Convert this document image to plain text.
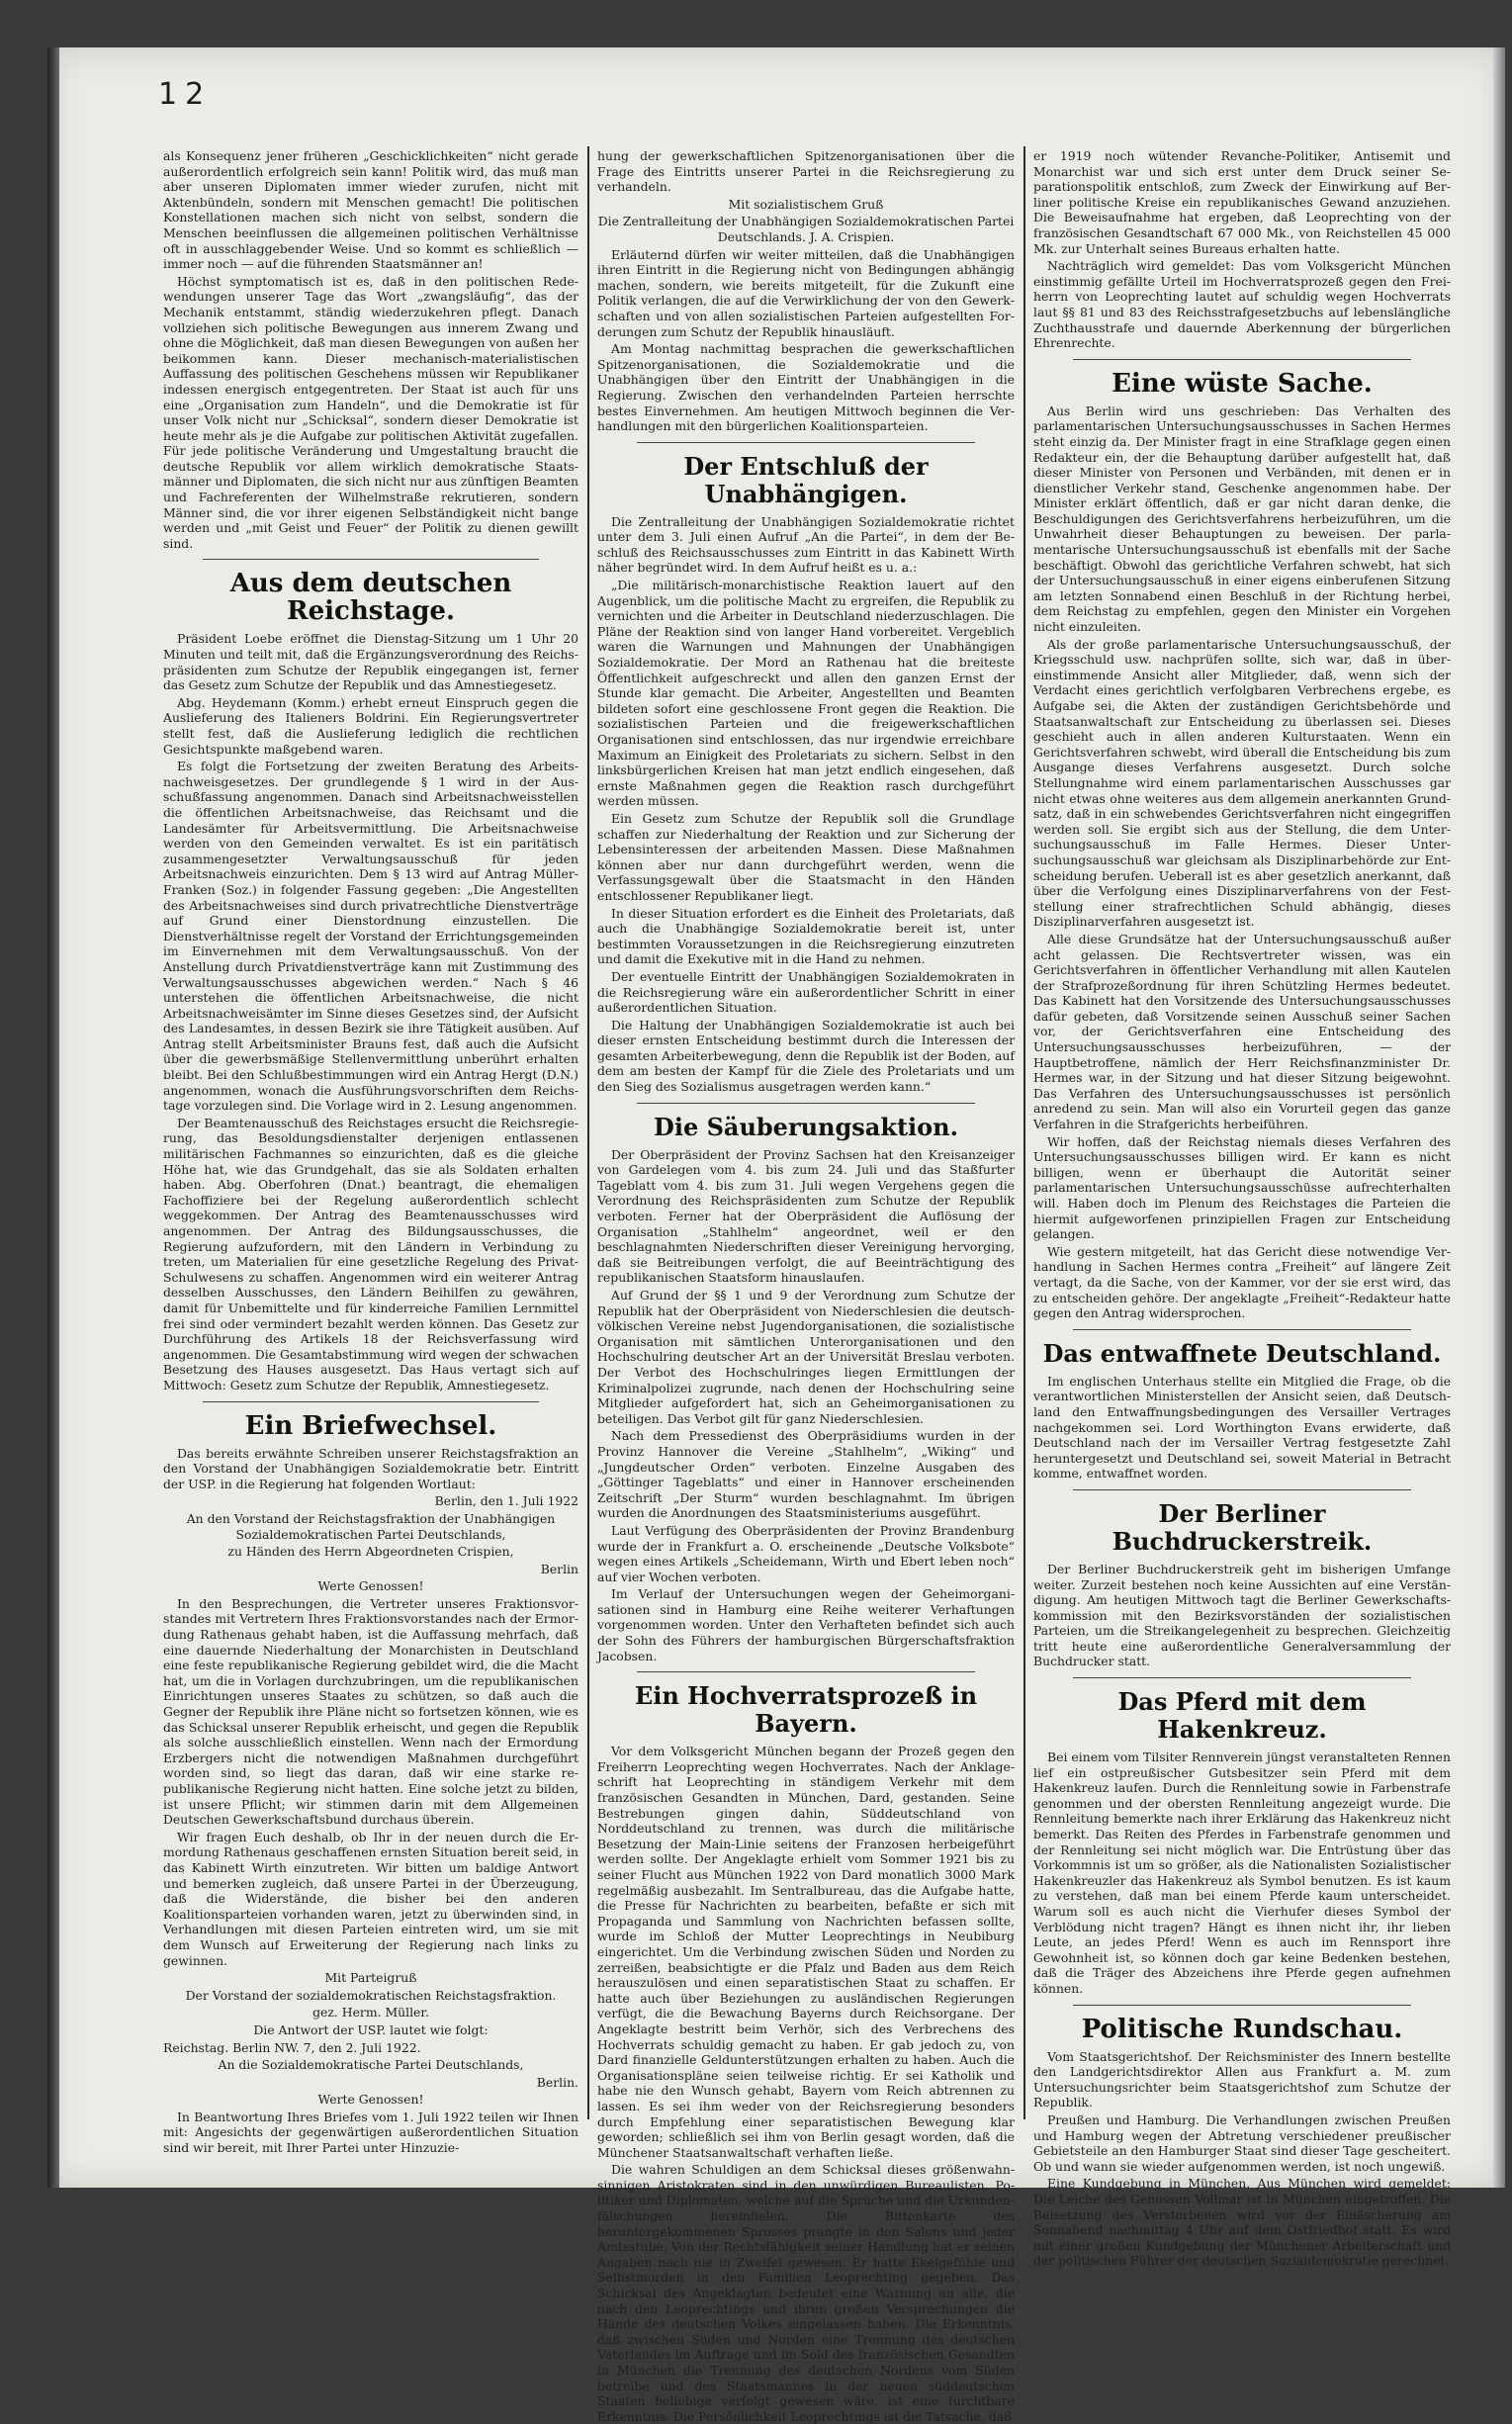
12

als Konsequenz jener früheren „Geschicklichkeiten“ nicht gerade außerordentlich erfolgreich sein kann! Politik wird, das muß man aber unseren Diplomaten immer wieder zurufen, nicht mit Aktenbündeln, sondern mit Menschen gemacht! Die politischen Konstellationen machen sich nicht von selbst, sondern die Menschen beeinflussen die allgemeinen politischen Verhältnisse oft in ausschlaggebender Weise. Und so kommt es schließlich — immer noch — auf die führenden Staatsmänner an!

Höchst symptomatisch ist es, daß in den politischen Redewendungen unserer Tage das Wort „zwangsläufig“, das der Mechanik entstammt, ständig wiederzukehren pflegt. Danach vollziehen sich politische Bewegungen aus innerem Zwang und ohne die Möglichkeit, daß man diesen Bewegungen von außen her beikommen kann. Dieser mechanisch-materialistischen Auffassung des politischen Geschehens müssen wir Republikaner indessen energisch entgegentreten. Der Staat ist auch für uns eine „Organisation zum Handeln“, und die Demokratie ist für unser Volk nicht nur „Schicksal“, sondern dieser Demokratie ist heute mehr als je die Aufgabe zur politischen Aktivität zugefallen. Für jede politische Veränderung und Umgestaltung braucht die deutsche Republik vor allem wirklich demokratische Staatsmänner und Diplomaten, die sich nicht nur aus zünftigen Beamten und Fachreferenten der Wilhelmstraße rekrutieren, sondern Männer sind, die vor ihrer eigenen Selbständigkeit nicht bange werden und „mit Geist und Feuer“ der Politik zu dienen gewillt sind.

Aus dem deutschen Reichstage.

Präsident Loebe eröffnet die Dienstag-Sitzung um 1 Uhr 20 Minuten und teilt mit, daß die Ergänzungsverordnung des Reichspräsidenten zum Schutze der Republik eingegangen ist, ferner das Gesetz zum Schutze der Republik und das Amnestiegesetz.

Abg. Heydemann (Komm.) erhebt erneut Einspruch gegen die Auslieferung des Italieners Boldrini. Ein Regierungsvertreter stellt fest, daß die Auslieferung lediglich die rechtlichen Gesichtspunkte maßgebend waren.

Es folgt die Fortsetzung der zweiten Beratung des Arbeitsnachweisgesetzes. Der grundlegende § 1 wird in der Ausschußfassung angenommen. Danach sind Arbeitsnachweisstellen die öffentlichen Arbeitsnachweise, das Reichsamt und die Landesämter für Arbeitsvermittlung. Die Arbeitsnachweise werden von den Gemeinden verwaltet. Es ist ein paritätisch zusammengesetzter Verwaltungsausschuß für jeden Arbeitsnachweis einzurichten. Dem § 13 wird auf Antrag Müller-Franken (Soz.) in folgender Fassung gegeben: „Die Angestellten des Arbeitsnachweises sind durch privatrechtliche Dienstverträge auf Grund einer Dienstordnung einzustellen. Die Dienstverhältnisse regelt der Vorstand der Errichtungsgemeinden im Einvernehmen mit dem Verwaltungsausschuß. Von der Anstellung durch Privatdienstverträge kann mit Zustimmung des Verwaltungsausschusses abgewichen werden.“ Nach § 46 unterstehen die öffentlichen Arbeitsnachweise, die nicht Arbeitsnachweisämter im Sinne dieses Gesetzes sind, der Aufsicht des Landesamtes, in dessen Bezirk sie ihre Tätigkeit ausüben. Auf Antrag stellt Arbeitsminister Brauns fest, daß auch die Aufsicht über die gewerbsmäßige Stellenvermittlung unberührt erhalten bleibt. Bei den Schlußbestimmungen wird ein Antrag Hergt (D.N.) angenommen, wonach die Ausführungsvorschriften dem Reichstage vorzulegen sind. Die Vorlage wird in 2. Lesung angenommen.

Der Beamtenausschuß des Reichstages ersucht die Reichsregierung, das Besoldungsdienstalter derjenigen entlassenen militärischen Fachmannes so einzurichten, daß es die gleiche Höhe hat, wie das Grundgehalt, das sie als Soldaten erhalten haben. Abg. Oberfohren (Dnat.) beantragt, die ehemaligen Fachoffiziere bei der Regelung außerordentlich schlecht weggekommen. Der Antrag des Beamtenausschusses wird angenommen. Der Antrag des Bildungsausschusses, die Regierung aufzufordern, mit den Ländern in Verbindung zu treten, um Materialien für eine gesetzliche Regelung des Privat-Schulwesens zu schaffen. Angenommen wird ein weiterer Antrag desselben Ausschusses, den Ländern Beihilfen zu gewähren, damit für Unbemittelte und für kinderreiche Familien Lernmittel frei sind oder vermindert bezahlt werden können. Das Gesetz zur Durchführung des Artikels 18 der Reichsverfassung wird angenommen. Die Gesamtabstimmung wird wegen der schwachen Besetzung des Hauses ausgesetzt. Das Haus vertagt sich auf Mittwoch: Gesetz zum Schutze der Republik, Amnestiegesetz.

Ein Briefwechsel.

Das bereits erwähnte Schreiben unserer Reichstagsfraktion an den Vorstand der Unabhängigen Sozialdemokratie betr. Eintritt der USP. in die Regierung hat folgenden Wortlaut:

Berlin, den 1. Juli 1922

An den Vorstand der Reichstagsfraktion der Unabhängigen Sozialdemokratischen Partei Deutschlands,

zu Händen des Herrn Abgeordneten Crispien,

Berlin

Werte Genossen!

In den Besprechungen, die Vertreter unseres Fraktionsvorstandes mit Vertretern Ihres Fraktionsvorstandes nach der Ermordung Rathenaus gehabt haben, ist die Auffassung mehrfach, daß eine dauernde Niederhaltung der Monarchisten in Deutschland eine feste republikanische Regierung gebildet wird, die die Macht hat, um die in Vorlagen durchzubringen, um die republikanischen Einrichtungen unseres Staates zu schützen, so daß auch die Gegner der Republik ihre Pläne nicht so fortsetzen können, wie es das Schicksal unserer Republik erheischt, und gegen die Republik als solche ausschließlich einstellen. Wenn nach der Ermordung Erzbergers nicht die notwendigen Maßnahmen durchgeführt worden sind, so liegt das daran, daß wir eine starke republikanische Regierung nicht hatten. Eine solche jetzt zu bilden, ist unsere Pflicht; wir stimmen darin mit dem Allgemeinen Deutschen Gewerkschaftsbund durchaus überein.

Wir fragen Euch deshalb, ob Ihr in der neuen durch die Ermordung Rathenaus geschaffenen ernsten Situation bereit seid, in das Kabinett Wirth einzutreten. Wir bitten um baldige Antwort und bemerken zugleich, daß unsere Partei in der Überzeugung, daß die Widerstände, die bisher bei den anderen Koalitionsparteien vorhanden waren, jetzt zu überwinden sind, in Verhandlungen mit diesen Parteien eintreten wird, um sie mit dem Wunsch auf Erweiterung der Regierung nach links zu gewinnen.

Mit Parteigruß

Der Vorstand der sozialdemokratischen Reichstagsfraktion.

gez. Herm. Müller.

Die Antwort der USP. lautet wie folgt:

Reichstag. Berlin NW. 7, den 2. Juli 1922.

An die Sozialdemokratische Partei Deutschlands,

Berlin.

Werte Genossen!

In Beantwortung Ihres Briefes vom 1. Juli 1922 teilen wir Ihnen mit: Angesichts der gegenwärtigen außerordentlichen Situation sind wir bereit, mit Ihrer Partei unter Hinzuzie-

hung der gewerkschaftlichen Spitzenorganisationen über die Frage des Eintritts unserer Partei in die Reichsregierung zu verhandeln.

Mit sozialistischem Gruß

Die Zentralleitung der Unabhängigen Sozialdemokratischen Partei Deutschlands. J. A. Crispien.

Erläuternd dürfen wir weiter mitteilen, daß die Unabhängigen ihren Eintritt in die Regierung nicht von Bedingungen abhängig machen, sondern, wie bereits mitgeteilt, für die Zukunft eine Politik verlangen, die auf die Verwirklichung der von den Gewerkschaften und von allen sozialistischen Parteien aufgestellten Forderungen zum Schutz der Republik hinausläuft.

Am Montag nachmittag besprachen die gewerkschaftlichen Spitzenorganisationen, die Sozialdemokratie und die Unabhängigen über den Eintritt der Unabhängigen in die Regierung. Zwischen den verhandelnden Parteien herrschte bestes Einvernehmen. Am heutigen Mittwoch beginnen die Verhandlungen mit den bürgerlichen Koalitionsparteien.

Der Entschluß der Unabhängigen.

Die Zentralleitung der Unabhängigen Sozialdemokratie richtet unter dem 3. Juli einen Aufruf „An die Partei“, in dem der Beschluß des Reichsausschusses zum Eintritt in das Kabinett Wirth näher begründet wird. In dem Aufruf heißt es u. a.:

„Die militärisch-monarchistische Reaktion lauert auf den Augenblick, um die politische Macht zu ergreifen, die Republik zu vernichten und die Arbeiter in Deutschland niederzuschlagen. Die Pläne der Reaktion sind von langer Hand vorbereitet. Vergeblich waren die Warnungen und Mahnungen der Unabhängigen Sozialdemokratie. Der Mord an Rathenau hat die breiteste Öffentlichkeit aufgeschreckt und allen den ganzen Ernst der Stunde klar gemacht. Die Arbeiter, Angestellten und Beamten bildeten sofort eine geschlossene Front gegen die Reaktion. Die sozialistischen Parteien und die freigewerkschaftlichen Organisationen sind entschlossen, das nur irgendwie erreichbare Maximum an Einigkeit des Proletariats zu sichern. Selbst in den linksbürgerlichen Kreisen hat man jetzt endlich eingesehen, daß ernste Maßnahmen gegen die Reaktion rasch durchgeführt werden müssen.

Ein Gesetz zum Schutze der Republik soll die Grundlage schaffen zur Niederhaltung der Reaktion und zur Sicherung der Lebensinteressen der arbeitenden Massen. Diese Maßnahmen können aber nur dann durchgeführt werden, wenn die Verfassungsgewalt über die Staatsmacht in den Händen entschlossener Republikaner liegt.

In dieser Situation erfordert es die Einheit des Proletariats, daß auch die Unabhängige Sozialdemokratie bereit ist, unter bestimmten Voraussetzungen in die Reichsregierung einzutreten und damit die Exekutive mit in die Hand zu nehmen.

Der eventuelle Eintritt der Unabhängigen Sozialdemokraten in die Reichsregierung wäre ein außerordentlicher Schritt in einer außerordentlichen Situation.

Die Haltung der Unabhängigen Sozialdemokratie ist auch bei dieser ernsten Entscheidung bestimmt durch die Interessen der gesamten Arbeiterbewegung, denn die Republik ist der Boden, auf dem am besten der Kampf für die Ziele des Proletariats und um den Sieg des Sozialismus ausgetragen werden kann.“

Die Säuberungsaktion.

Der Oberpräsident der Provinz Sachsen hat den Kreisanzeiger von Gardelegen vom 4. bis zum 24. Juli und das Staßfurter Tageblatt vom 4. bis zum 31. Juli wegen Vergehens gegen die Verordnung des Reichspräsidenten zum Schutze der Republik verboten. Ferner hat der Oberpräsident die Auflösung der Organisation „Stahlhelm“ angeordnet, weil er den beschlagnahmten Niederschriften dieser Vereinigung hervorging, daß sie Beitreibungen verfolgt, die auf Beeinträchtigung des republikanischen Staatsform hinauslaufen.

Auf Grund der §§ 1 und 9 der Verordnung zum Schutze der Republik hat der Oberpräsident von Niederschlesien die deutsch-völkischen Vereine nebst Jugendorganisationen, die sozialistische Organisation mit sämtlichen Unterorganisationen und den Hochschulring deutscher Art an der Universität Breslau verboten. Der Verbot des Hochschulringes liegen Ermittlungen der Kriminalpolizei zugrunde, nach denen der Hochschulring seine Mitglieder aufgefordert hat, sich an Geheimorganisationen zu beteiligen. Das Verbot gilt für ganz Niederschlesien.

Nach dem Pressedienst des Oberpräsidiums wurden in der Provinz Hannover die Vereine „Stahlhelm“, „Wiking“ und „Jungdeutscher Orden“ verboten. Einzelne Ausgaben des „Göttinger Tageblatts“ und einer in Hannover erscheinenden Zeitschrift „Der Sturm“ wurden beschlagnahmt. Im übrigen wurden die Anordnungen des Staatsministeriums ausgeführt.

Laut Verfügung des Oberpräsidenten der Provinz Brandenburg wurde der in Frankfurt a. O. erscheinende „Deutsche Volksbote“ wegen eines Artikels „Scheidemann, Wirth und Ebert leben noch“ auf vier Wochen verboten.

Im Verlauf der Untersuchungen wegen der Geheimorganisationen sind in Hamburg eine Reihe weiterer Verhaftungen vorgenommen worden. Unter den Verhafteten befindet sich auch der Sohn des Führers der hamburgischen Bürgerschaftsfraktion Jacobsen.

Ein Hochverratsprozeß in Bayern.

Vor dem Volksgericht München begann der Prozeß gegen den Freiherrn Leoprechting wegen Hochverrates. Nach der Anklageschrift hat Leoprechting in ständigem Verkehr mit dem französischen Gesandten in München, Dard, gestanden. Seine Bestrebungen gingen dahin, Süddeutschland von Norddeutschland zu trennen, was durch die militärische Besetzung der Main-Linie seitens der Franzosen herbeigeführt werden sollte. Der Angeklagte erhielt vom Sommer 1921 bis zu seiner Flucht aus München 1922 von Dard monatlich 3000 Mark regelmäßig ausbezahlt. Im Sentralbureau, das die Aufgabe hatte, die Presse für Nachrichten zu bearbeiten, befaßte er sich mit Propaganda und Sammlung von Nachrichten befassen sollte, wurde im Schloß der Mutter Leoprechtings in Neubiburg eingerichtet. Um die Verbindung zwischen Süden und Norden zu zerreißen, beabsichtigte er die Pfalz und Baden aus dem Reich herauszulösen und einen separatistischen Staat zu schaffen. Er hatte auch über Beziehungen zu ausländischen Regierungen verfügt, die die Bewachung Bayerns durch Reichsorgane. Der Angeklagte bestritt beim Verhör, sich des Verbrechens des Hochverrats schuldig gemacht zu haben. Er gab jedoch zu, von Dard finanzielle Geldunterstützungen erhalten zu haben. Auch die Organisationspläne seien teilweise richtig. Er sei Katholik und habe nie den Wunsch gehabt, Bayern vom Reich abtrennen zu lassen. Es sei ihm weder von der Reichsregierung besonders durch Empfehlung einer separatistischen Bewegung klar geworden; schließlich sei ihm von Berlin gesagt worden, daß die Münchener Staatsanwaltschaft verhaften ließe.

Die wahren Schuldigen an dem Schicksal dieses größenwahnsinnigen Aristokraten sind in den unwürdigen Bureaulisten, Politiker und Diplomaten, welche auf die Sprüche und die Urkundenfälschungen hereinfielen. Die Bittenkarte des heruntergekommenen Sprosses prangte in den Salons und jeder Amtsstube. Von der Rechtsfähigkeit seiner Handlung hat er seinen Angaben nach nie in Zweifel gewesen. Er hatte Ekelgefühle und Selbstmorden in den Familien Leoprechting gegeben. Das Schicksal des Angeklagten bedeutet eine Warnung an alle, die nach den Leoprechtings und ihren großen Versprechungen die Hände des deutschen Volkes eingelassen haben. Die Erkenntnis, daß zwischen Süden und Norden eine Trennung des deutschen Vaterlandes im Auftrage und im Sold des französischen Gesandten in München die Trennung des deutschen Nordens vom Süden betreibe und des Staatsmannes in der neuen süddeutschen Staaten beliebige verfolgt gewesen wäre, ist eine furchtbare Erkenntnis. Die Persönlichkeit Leoprechtings ist die Tatsache, daß

er 1919 noch wütender Revanche-Politiker, Antisemit und Monarchist war und sich erst unter dem Druck seiner Separationspolitik entschloß, zum Zweck der Einwirkung auf Berliner politische Kreise ein republikanisches Gewand anzuziehen. Die Beweisaufnahme hat ergeben, daß Leoprechting von der französischen Gesandtschaft 67 000 Mk., von Reichstellen 45 000 Mk. zur Unterhalt seines Bureaus erhalten hatte.

Nachträglich wird gemeldet: Das vom Volksgericht München einstimmig gefällte Urteil im Hochverratsprozeß gegen den Freiherrn von Leoprechting lautet auf schuldig wegen Hochverrats laut §§ 81 und 83 des Reichsstrafgesetzbuchs auf lebenslängliche Zuchthausstrafe und dauernde Aberkennung der bürgerlichen Ehrenrechte.

Eine wüste Sache.

Aus Berlin wird uns geschrieben: Das Verhalten des parlamentarischen Untersuchungsausschusses in Sachen Hermes steht einzig da. Der Minister fragt in eine Strafklage gegen einen Redakteur ein, der die Behauptung darüber aufgestellt hat, daß dieser Minister von Personen und Verbänden, mit denen er in dienstlicher Verkehr stand, Geschenke angenommen habe. Der Minister erklärt öffentlich, daß er gar nicht daran denke, die Beschuldigungen des Gerichtsverfahrens herbeizuführen, um die Unwahrheit dieser Behauptungen zu beweisen. Der parlamentarische Untersuchungsausschuß ist ebenfalls mit der Sache beschäftigt. Obwohl das gerichtliche Verfahren schwebt, hat sich der Untersuchungsausschuß in einer eigens einberufenen Sitzung am letzten Sonnabend einen Beschluß in der Richtung herbei, dem Reichstag zu empfehlen, gegen den Minister ein Vorgehen nicht einzuleiten.

Als der große parlamentarische Untersuchungsausschuß, der Kriegsschuld usw. nachprüfen sollte, sich war, daß in übereinstimmende Ansicht aller Mitglieder, daß, wenn sich der Verdacht eines gerichtlich verfolgbaren Verbrechens ergebe, es Aufgabe sei, die Akten der zuständigen Gerichtsbehörde und Staatsanwaltschaft zur Entscheidung zu überlassen sei. Dieses geschieht auch in allen anderen Kulturstaaten. Wenn ein Gerichtsverfahren schwebt, wird überall die Entscheidung bis zum Ausgange dieses Verfahrens ausgesetzt. Durch solche Stellungnahme wird einem parlamentarischen Ausschusses gar nicht etwas ohne weiteres aus dem allgemein anerkannten Grundsatz, daß in ein schwebendes Gerichtsverfahren nicht eingegriffen werden soll. Sie ergibt sich aus der Stellung, die dem Untersuchungsausschuß im Falle Hermes. Dieser Untersuchungsausschuß war gleichsam als Disziplinarbehörde zur Entscheidung berufen. Ueberall ist es aber gesetzlich anerkannt, daß über die Verfolgung eines Disziplinarverfahrens von der Feststellung einer strafrechtlichen Schuld abhängig, dieses Disziplinarverfahren ausgesetzt ist.

Alle diese Grundsätze hat der Untersuchungsausschuß außer acht gelassen. Die Rechtsvertreter wissen, was ein Gerichtsverfahren in öffentlicher Verhandlung mit allen Kautelen der Strafprozeßordnung für ihren Schützling Hermes bedeutet. Das Kabinett hat den Vorsitzende des Untersuchungsausschusses dafür gebeten, daß Vorsitzende seinen Ausschuß seiner Sachen vor, der Gerichtsverfahren eine Entscheidung des Untersuchungsausschusses herbeizuführen, — der Hauptbetroffene, nämlich der Herr Reichsfinanzminister Dr. Hermes war, in der Sitzung und hat dieser Sitzung beigewohnt. Das Verfahren des Untersuchungsausschusses ist persönlich anredend zu sein. Man will also ein Vorurteil gegen das ganze Verfahren in die Strafgerichts herbeiführen.

Wir hoffen, daß der Reichstag niemals dieses Verfahren des Untersuchungsausschusses billigen wird. Er kann es nicht billigen, wenn er überhaupt die Autorität seiner parlamentarischen Untersuchungsausschüsse aufrechterhalten will. Haben doch im Plenum des Reichstages die Parteien die hiermit aufgeworfenen prinzipiellen Fragen zur Entscheidung gelangen.

Wie gestern mitgeteilt, hat das Gericht diese notwendige Verhandlung in Sachen Hermes contra „Freiheit“ auf längere Zeit vertagt, da die Sache, von der Kammer, vor der sie erst wird, das zu entscheiden gehöre. Der angeklagte „Freiheit“-Redakteur hatte gegen den Antrag widersprochen.

Das entwaffnete Deutschland.

Im englischen Unterhaus stellte ein Mitglied die Frage, ob die verantwortlichen Ministerstellen der Ansicht seien, daß Deutschland den Entwaffnungsbedingungen des Versailler Vertrages nachgekommen sei. Lord Worthington Evans erwiderte, daß Deutschland nach der im Versailler Vertrag festgesetzte Zahl heruntergesetzt und Deutschland sei, soweit Material in Betracht komme, entwaffnet worden.

Der Berliner Buchdruckerstreik.

Der Berliner Buchdruckerstreik geht im bisherigen Umfange weiter. Zurzeit bestehen noch keine Aussichten auf eine Verständigung. Am heutigen Mittwoch tagt die Berliner Gewerkschaftskommission mit den Bezirksvorständen der sozialistischen Parteien, um die Streikangelegenheit zu besprechen. Gleichzeitig tritt heute eine außerordentliche Generalversammlung der Buchdrucker statt.

Das Pferd mit dem Hakenkreuz.

Bei einem vom Tilsiter Rennverein jüngst veranstalteten Rennen lief ein ostpreußischer Gutsbesitzer sein Pferd mit dem Hakenkreuz laufen. Durch die Rennleitung sowie in Farbenstrafe genommen und der obersten Rennleitung angezeigt wurde. Die Rennleitung bemerkte nach ihrer Erklärung das Hakenkreuz nicht bemerkt. Das Reiten des Pferdes in Farbenstrafe genommen und der Rennleitung sei nicht möglich war. Die Entrüstung über das Vorkommnis ist um so größer, als die Nationalisten Sozialistischer Hakenkreuzler das Hakenkreuz als Symbol benutzen. Es ist kaum zu verstehen, daß man bei einem Pferde kaum unterscheidet. Warum soll es auch nicht die Vierhufer dieses Symbol der Verblödung nicht tragen? Hängt es ihnen nicht ihr, ihr lieben Leute, an jedes Pferd! Wenn es auch im Rennsport ihre Gewohnheit ist, so können doch gar keine Bedenken bestehen, daß die Träger des Abzeichens ihre Pferde gegen aufnehmen können.

Politische Rundschau.

Vom Staatsgerichtshof. Der Reichsminister des Innern bestellte den Landgerichtsdirektor Allen aus Frankfurt a. M. zum Untersuchungsrichter beim Staatsgerichtshof zum Schutze der Republik.

Preußen und Hamburg. Die Verhandlungen zwischen Preußen und Hamburg wegen der Abtretung verschiedener preußischer Gebietsteile an den Hamburger Staat sind dieser Tage gescheitert. Ob und wann sie wieder aufgenommen werden, ist noch ungewiß.

Eine Kundgebung in München. Aus München wird gemeldet: Die Leiche des Genossen Vollmar ist in München eingetroffen. Die Beisetzung des Verstorbenen wird vor der Einäscherung am Sonnabend nachmittag 4 Uhr auf dem Ostfriedhof statt. Es wird mit einer großen Kundgebung der Münchener Arbeiterschaft und der politischen Führer der deutschen Sozialdemokratie gerechnet.
